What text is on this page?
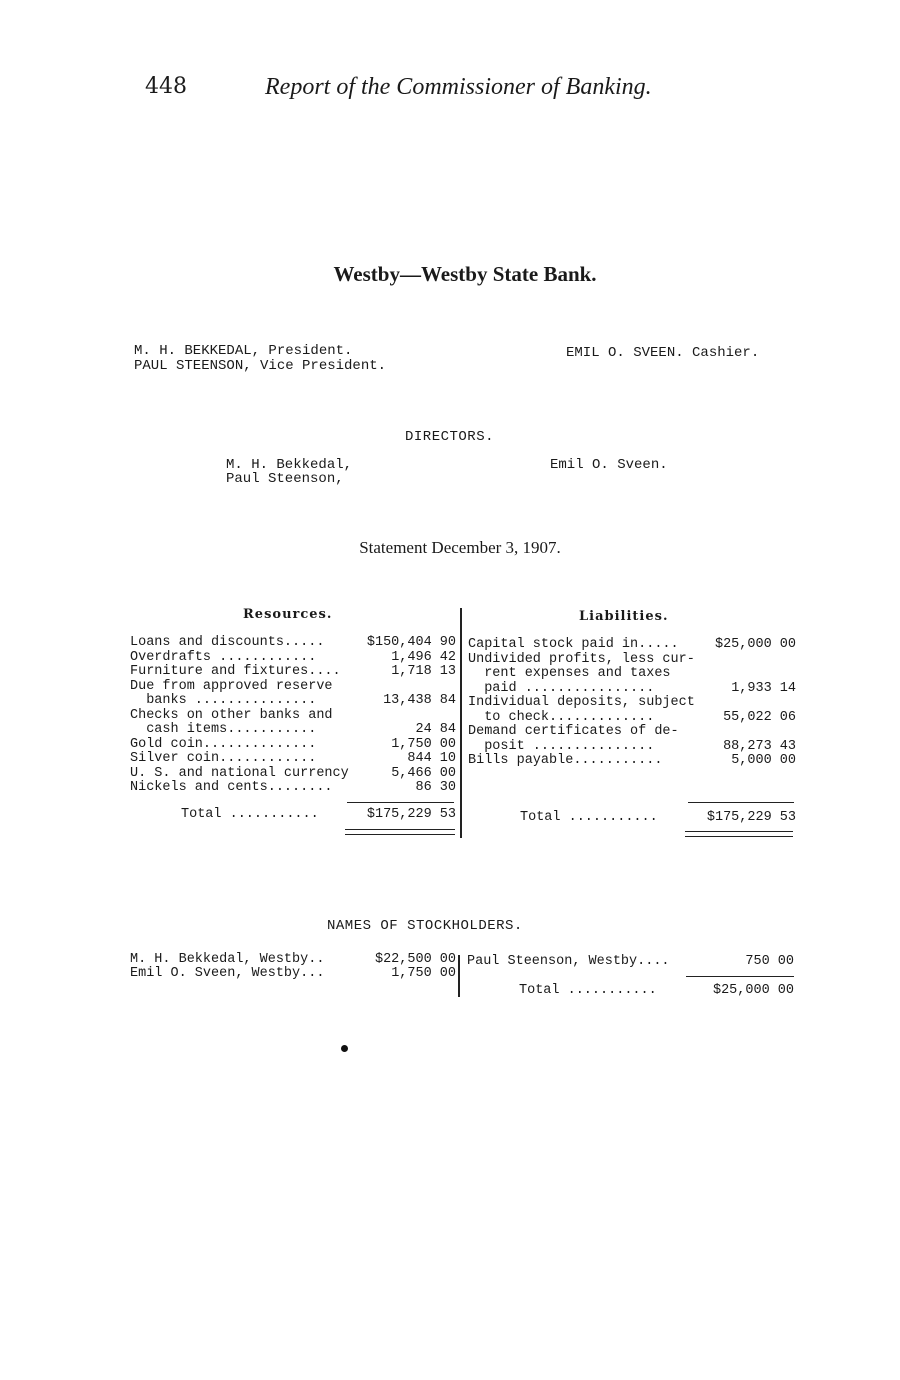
448	Report of the Commissioner of Banking.
Westby—Westby State Bank.
M. H. BEKKEDAL, President.
PAUL STEENSON, Vice President.
EMIL O. SVEEN. Cashier.
DIRECTORS.
M. H. Bekkedal,
Paul Steenson,
Emil O. Sveen.
Statement December 3, 1907.
Resources.
Loans and discounts.....	$150,404 90
Overdrafts ............	1,496 42
Furniture and fixtures....	1,718 13
Due from approved reserve
banks ...............	13,438 84
Checks on other banks and
cash items...........	24 84
Gold coin..............	1,750 00
Silver coin............	844 10
U. S. and national currency	5,466 00
Nickels and cents........	86 30
Total ...........	$175,229 53
Liabilities.
Capital stock paid in.....	$25,000 00
Undivided profits, less cur-
rent expenses and taxes
paid ................	1,933 14
Individual deposits, subject
to check.............	55,022 06
Demand certificates of de-
posit ...............	88,273 43
Bills payable...........	5,000 00
Total ...........	$175,229 53
NAMES OF STOCKHOLDERS.
M. H. Bekkedal, Westby..	$22,500 00
Emil O. Sveen, Westby...	1,750 00
Paul Steenson, Westby....	750 00
Total ...........	$25,000 00
